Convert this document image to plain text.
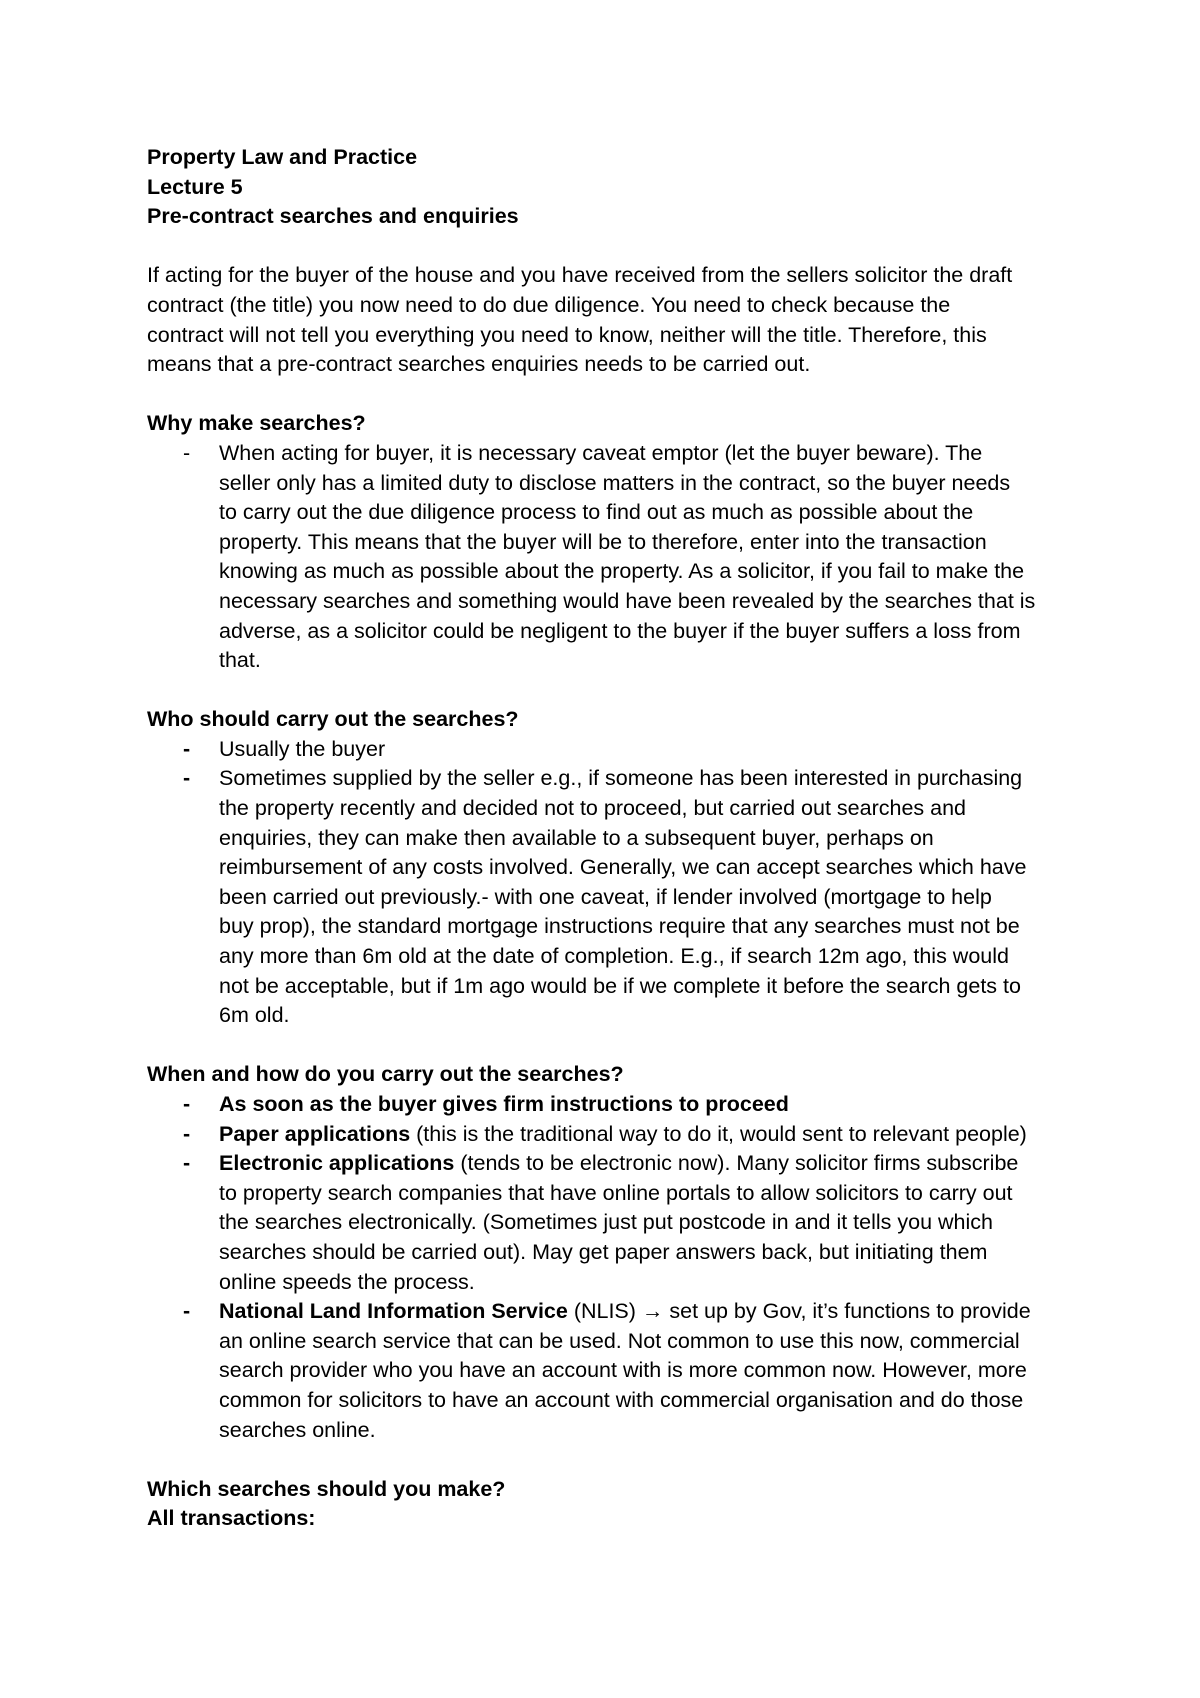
Property Law and Practice
Lecture 5
Pre-contract searches and enquiries
If acting for the buyer of the house and you have received from the sellers solicitor the draft
contract (the title) you now need to do due diligence. You need to check because the
contract will not tell you everything you need to know, neither will the title. Therefore, this
means that a pre-contract searches enquiries needs to be carried out.
Why make searches?
- When acting for buyer, it is necessary caveat emptor (let the buyer beware). The
seller only has a limited duty to disclose matters in the contract, so the buyer needs
to carry out the due diligence process to find out as much as possible about the
property. This means that the buyer will be to therefore, enter into the transaction
knowing as much as possible about the property. As a solicitor, if you fail to make the
necessary searches and something would have been revealed by the searches that is
adverse, as a solicitor could be negligent to the buyer if the buyer suffers a loss from
that.
Who should carry out the searches?
- Usually the buyer
- Sometimes supplied by the seller e.g., if someone has been interested in purchasing
the property recently and decided not to proceed, but carried out searches and
enquiries, they can make then available to a subsequent buyer, perhaps on
reimbursement of any costs involved. Generally, we can accept searches which have
been carried out previously.- with one caveat, if lender involved (mortgage to help
buy prop), the standard mortgage instructions require that any searches must not be
any more than 6m old at the date of completion. E.g., if search 12m ago, this would
not be acceptable, but if 1m ago would be if we complete it before the search gets to
6m old.
When and how do you carry out the searches?
- As soon as the buyer gives firm instructions to proceed
- Paper applications (this is the traditional way to do it, would sent to relevant people)
- Electronic applications (tends to be electronic now). Many solicitor firms subscribe
to property search companies that have online portals to allow solicitors to carry out
the searches electronically. (Sometimes just put postcode in and it tells you which
searches should be carried out). May get paper answers back, but initiating them
online speeds the process.
- National Land Information Service (NLIS) → set up by Gov, it’s functions to provide
an online search service that can be used. Not common to use this now, commercial
search provider who you have an account with is more common now. However, more
common for solicitors to have an account with commercial organisation and do those
searches online.
Which searches should you make?
All transactions:
